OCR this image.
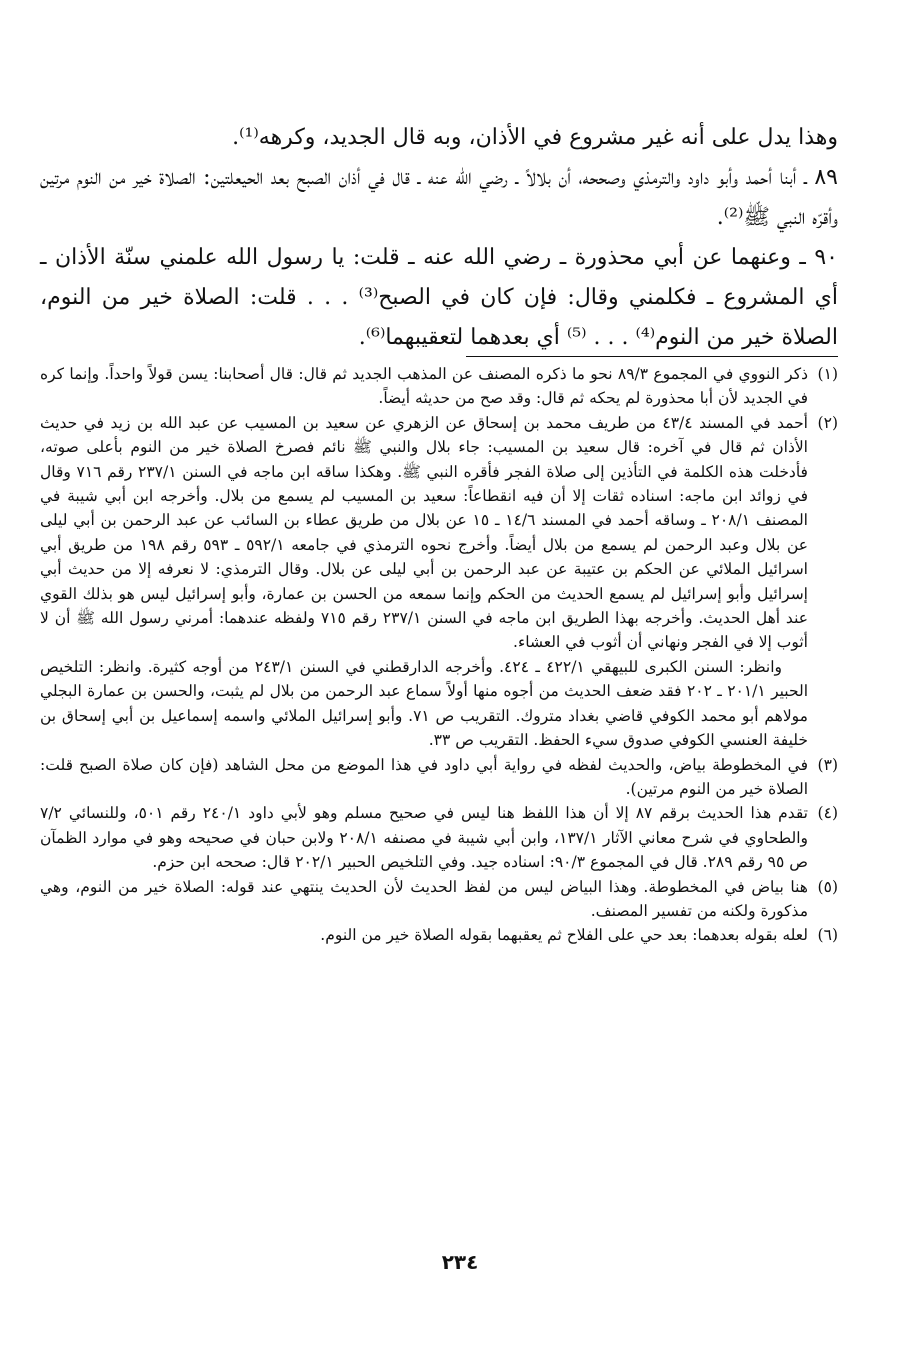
وهذا يدل على أنه غير مشروع في الأذان، وبه قال الجديد، وكرهه⁽¹⁾.

٨٩ ـ أبنا أحمد وأبو داود والترمذي وصححه، أن بلالاً ـ رضي الله عنه ـ قال في أذان الصبح بعد الحيعلتين: الصلاة خير من النوم مرتين وأقرّه النبي ﷺ⁽²⁾.

٩٠ ـ وعنهما عن أبي محذورة ـ رضي الله عنه ـ قلت: يا رسول الله علمني سنّة الأذان ـ أي المشروع ـ فكلمني وقال: فإن كان في الصبح⁽³⁾ . . . قلت: الصلاة خير من النوم، الصلاة خير من النوم⁽⁴⁾ . . . ⁽⁵⁾ أي بعدهما لتعقيبهما⁽⁶⁾.

(١)

ذكر النووي في المجموع ٨٩/٣ نحو ما ذكره المصنف عن المذهب الجديد ثم قال: قال أصحابنا: يسن قولاً واحداً. وإنما كره في الجديد لأن أبا محذورة لم يحكه ثم قال: وقد صح من حديثه أيضاً.

(٢)

أحمد في المسند ٤٣/٤ من طريف محمد بن إسحاق عن الزهري عن سعيد بن المسيب عن عبد الله بن زيد في حديث الأذان ثم قال في آخره: قال سعيد بن المسيب: جاء بلال والنبي ﷺ نائم فصرخ الصلاة خير من النوم بأعلى صوته، فأدخلت هذه الكلمة في التأذين إلى صلاة الفجر فأقره النبي ﷺ. وهكذا ساقه ابن ماجه في السنن ٢٣٧/١ رقم ٧١٦ وقال في زوائد ابن ماجه: اسناده ثقات إلا أن فيه انقطاعاً: سعيد بن المسيب لم يسمع من بلال. وأخرجه ابن أبي شيبة في المصنف ٢٠٨/١ ـ وساقه أحمد في المسند ١٤/٦ ـ ١٥ عن بلال من طريق عطاء بن السائب عن عبد الرحمن بن أبي ليلى عن بلال وعبد الرحمن لم يسمع من بلال أيضاً. وأخرج نحوه الترمذي في جامعه ٥٩٢/١ ـ ٥٩٣ رقم ١٩٨ من طريق أبي اسرائيل الملائي عن الحكم بن عتيبة عن عبد الرحمن بن أبي ليلى عن بلال. وقال الترمذي: لا نعرفه إلا من حديث أبي إسرائيل وأبو إسرائيل لم يسمع الحديث من الحكم وإنما سمعه من الحسن بن عمارة، وأبو إسرائيل ليس هو بذلك القوي عند أهل الحديث. وأخرجه بهذا الطريق ابن ماجه في السنن ٢٣٧/١ رقم ٧١٥ ولفظه عندهما: أمرني رسول الله ﷺ أن لا أثوب إلا في الفجر ونهاني أن أثوب في العشاء.

وانظر: السنن الكبرى للبيهقي ٤٢٢/١ ـ ٤٢٤. وأخرجه الدارقطني في السنن ٢٤٣/١ من أوجه كثيرة. وانظر: التلخيص الحبير ٢٠١/١ ـ ٢٠٢ فقد ضعف الحديث من أجوه منها أولاً سماع عبد الرحمن من بلال لم يثبت، والحسن بن عمارة البجلي مولاهم أبو محمد الكوفي قاضي بغداد متروك. التقريب ص ٧١. وأبو إسرائيل الملائي واسمه إسماعيل بن أبي إسحاق بن خليفة العنسي الكوفي صدوق سيء الحفظ. التقريب ص ٣٣.

(٣)

في المخطوطة بياض، والحديث لفظه في رواية أبي داود في هذا الموضع من محل الشاهد (فإن كان صلاة الصبح قلت: الصلاة خير من النوم مرتين).

(٤)

تقدم هذا الحديث برقم ٨٧ إلا أن هذا اللفظ هنا ليس في صحيح مسلم وهو لأبي داود ٢٤٠/١ رقم ٥٠١، وللنسائي ٧/٢ والطحاوي في شرح معاني الآثار ١٣٧/١، وابن أبي شيبة في مصنفه ٢٠٨/١ ولابن حبان في صحيحه وهو في موارد الظمآن ص ٩٥ رقم ٢٨٩. قال في المجموع ٩٠/٣: اسناده جيد. وفي التلخيص الحبير ٢٠٢/١ قال: صححه ابن حزم.

(٥)

هنا بياض في المخطوطة. وهذا البياض ليس من لفظ الحديث لأن الحديث ينتهي عند قوله: الصلاة خير من النوم، وهي مذكورة ولكنه من تفسير المصنف.

(٦)

لعله بقوله بعدهما: بعد حي على الفلاح ثم يعقبهما بقوله الصلاة خير من النوم.

٢٣٤
